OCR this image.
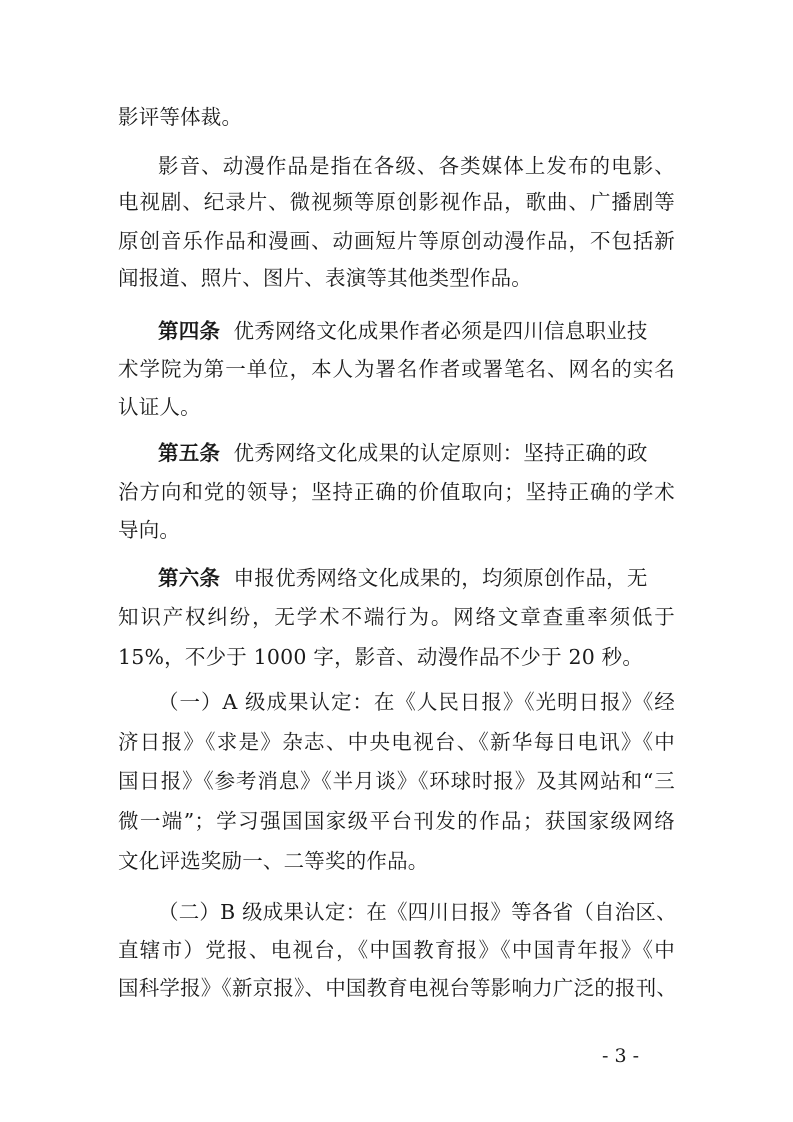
影评等体裁。
影音、动漫作品是指在各级、各类媒体上发布的电影、
电视剧、纪录片、微视频等原创影视作品，歌曲、广播剧等
原创音乐作品和漫画、动画短片等原创动漫作品，不包括新
闻报道、照片、图片、表演等其他类型作品。
第四条 优秀网络文化成果作者必须是四川信息职业技
术学院为第一单位，本人为署名作者或署笔名、网名的实名
认证人。
第五条 优秀网络文化成果的认定原则：坚持正确的政
治方向和党的领导；坚持正确的价值取向；坚持正确的学术
导向。
第六条 申报优秀网络文化成果的，均须原创作品，无
知识产权纠纷，无学术不端行为。网络文章查重率须低于
15%，不少于 1000 字，影音、动漫作品不少于 20 秒。
（一）A 级成果认定：在《人民日报》《光明日报》《经
济日报》《求是》杂志、中央电视台、《新华每日电讯》《中
国日报》《参考消息》《半月谈》《环球时报》及其网站和“三
微一端”；学习强国国家级平台刊发的作品；获国家级网络
文化评选奖励一、二等奖的作品。
（二）B 级成果认定：在《四川日报》等各省（自治区、
直辖市）党报、电视台，《中国教育报》《中国青年报》《中
国科学报》《新京报》、中国教育电视台等影响力广泛的报刊、
- 3 -
